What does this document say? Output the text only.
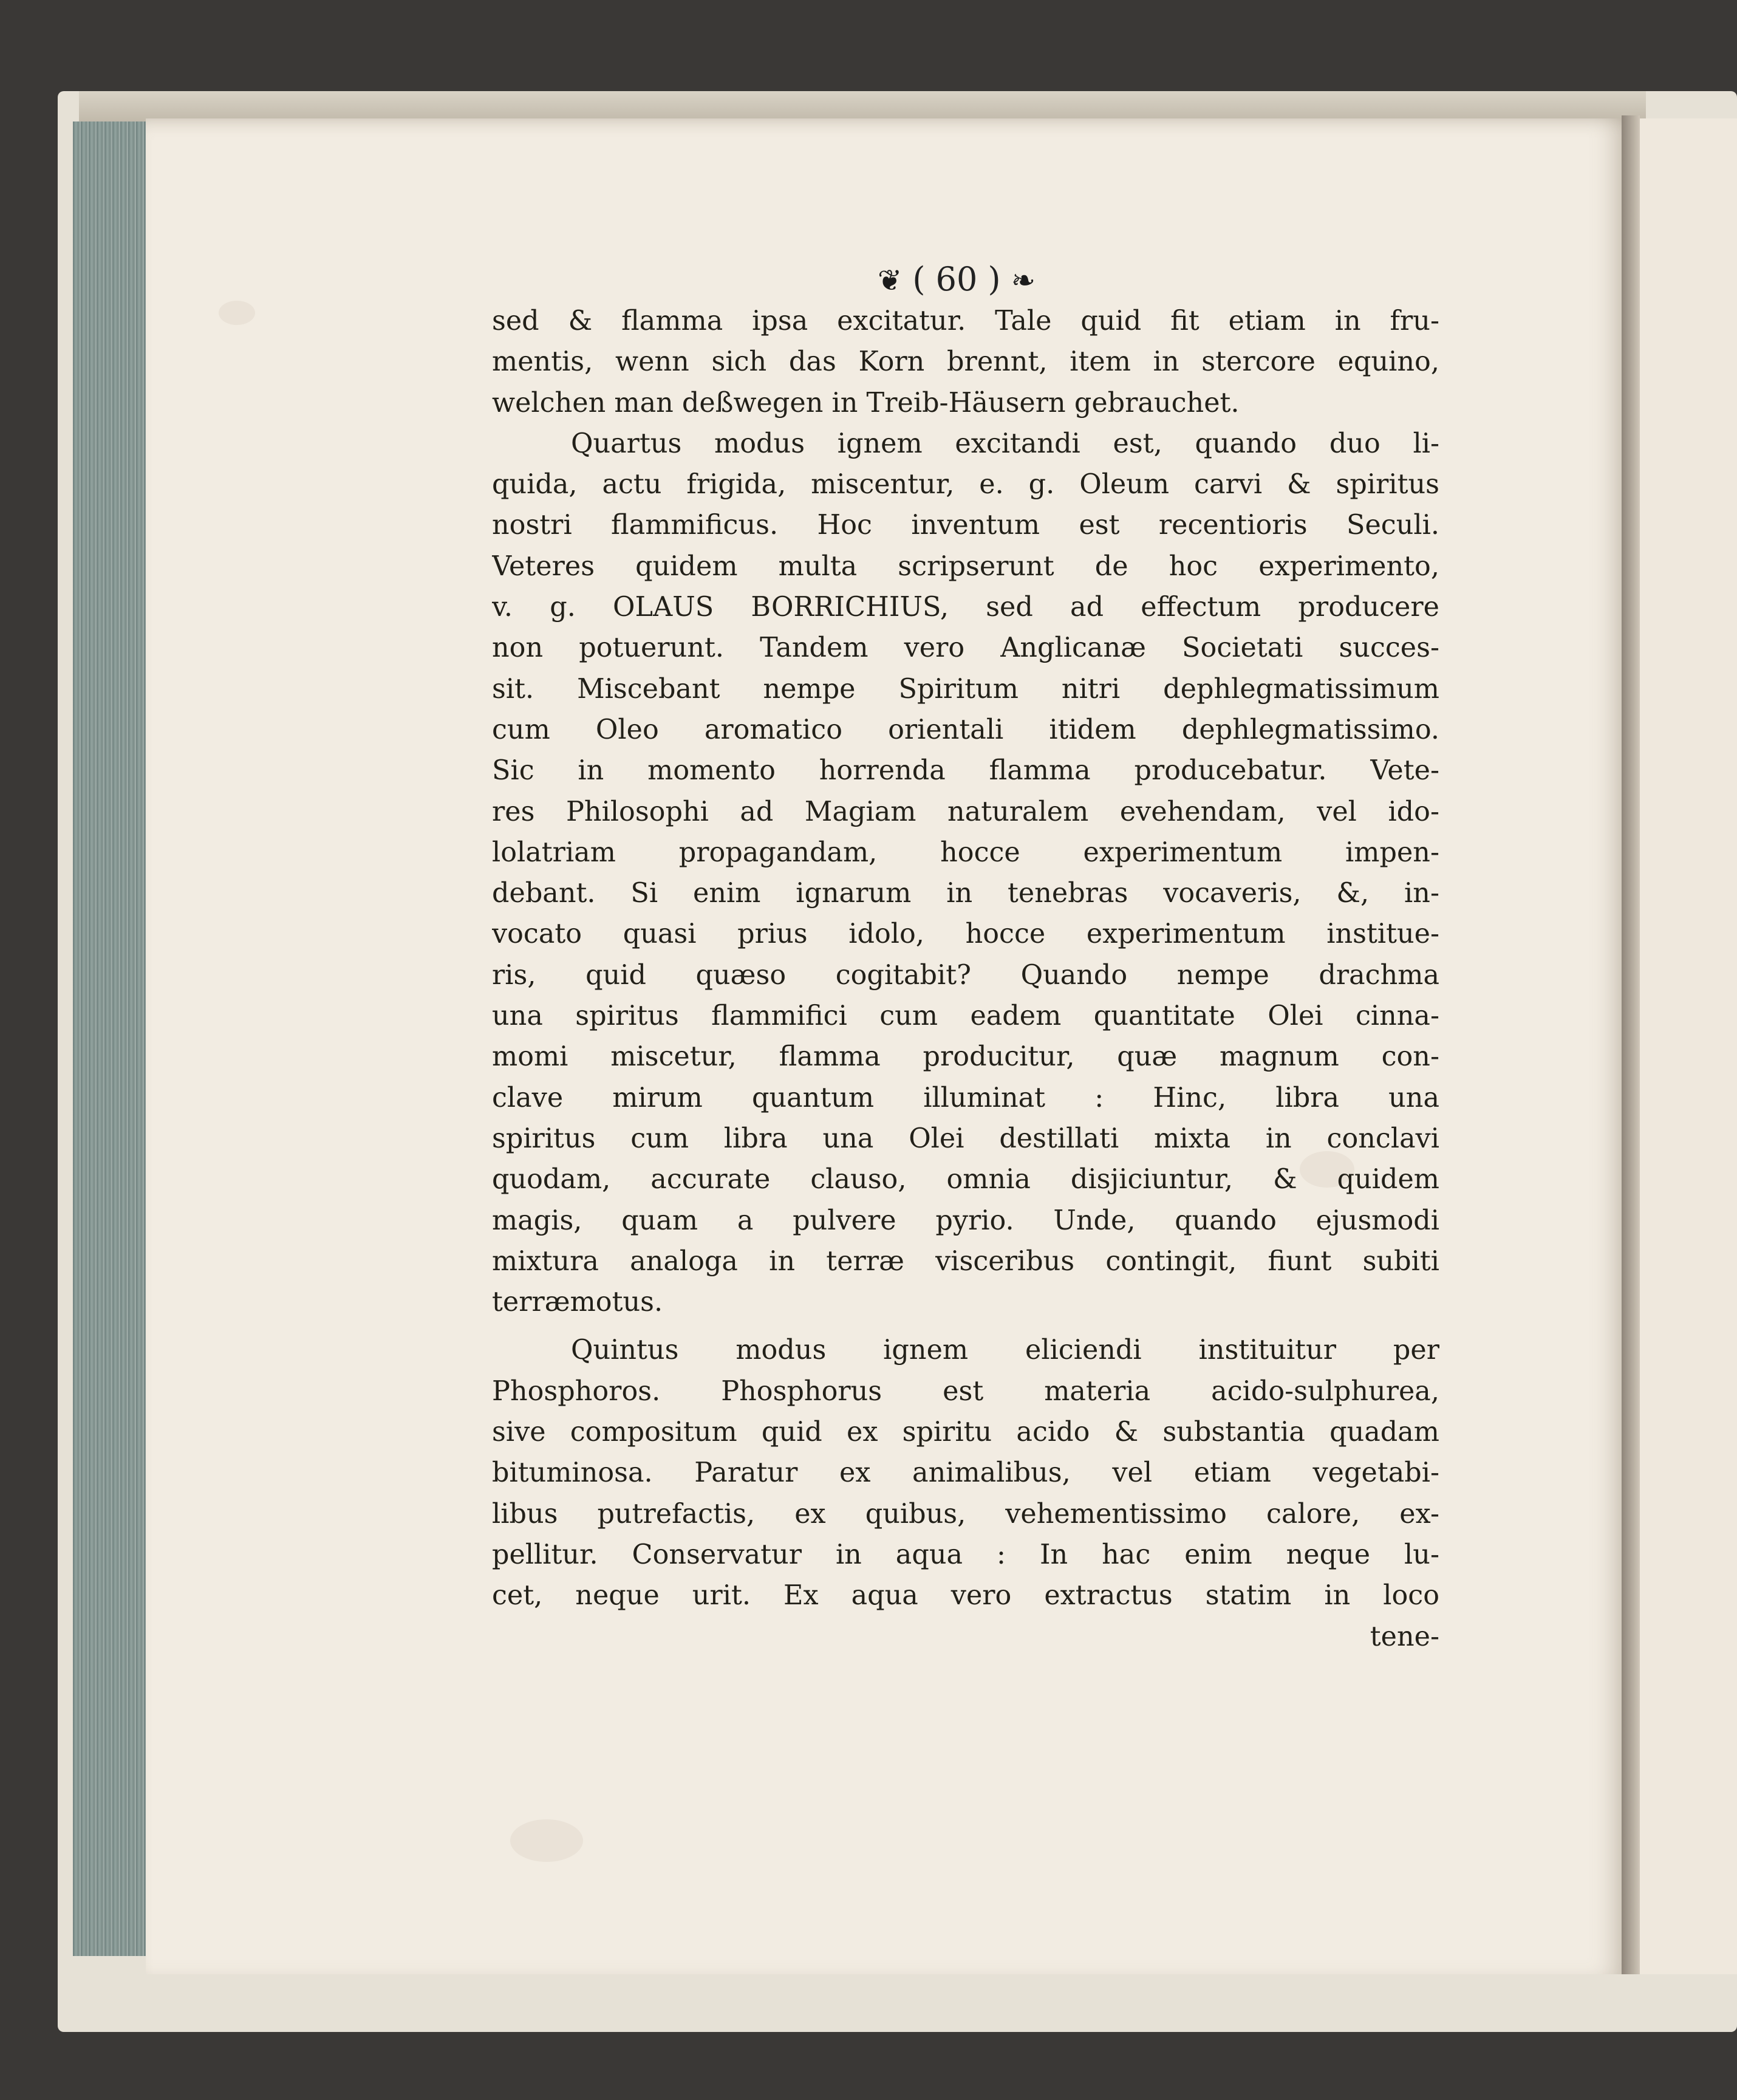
❦ ( 60 ) ❧
sed & flamma ipsa excitatur. Tale quid fit etiam in fru-
mentis, wenn sich das Korn brennt, item in stercore equino,
welchen man deßwegen in Treib-Häusern gebrauchet.
Quartus modus ignem excitandi est, quando duo li-
quida, actu frigida, miscentur, e. g. Oleum carvi & spiritus
nostri flammificus. Hoc inventum est recentioris Seculi.
Veteres quidem multa scripserunt de hoc experimento,
v. g. OLAUS BORRICHIUS, sed ad effectum producere
non potuerunt. Tandem vero Anglicanæ Societati succes-
sit. Miscebant nempe Spiritum nitri dephlegmatissimum
cum Oleo aromatico orientali itidem dephlegmatissimo.
Sic in momento horrenda flamma producebatur. Vete-
res Philosophi ad Magiam naturalem evehendam, vel ido-
lolatriam propagandam, hocce experimentum impen-
debant. Si enim ignarum in tenebras vocaveris, &, in-
vocato quasi prius idolo, hocce experimentum institue-
ris, quid quæso cogitabit? Quando nempe drachma
una spiritus flammifici cum eadem quantitate Olei cinna-
momi miscetur, flamma producitur, quæ magnum con-
clave mirum quantum illuminat : Hinc, libra una
spiritus cum libra una Olei destillati mixta in conclavi
quodam, accurate clauso, omnia disjiciuntur, & quidem
magis, quam a pulvere pyrio. Unde, quando ejusmodi
mixtura analoga in terræ visceribus contingit, fiunt subiti
terræmotus.
Quintus modus ignem eliciendi instituitur per
Phosphoros. Phosphorus est materia acido-sulphurea,
sive compositum quid ex spiritu acido & substantia quadam
bituminosa. Paratur ex animalibus, vel etiam vegetabi-
libus putrefactis, ex quibus, vehementissimo calore, ex-
pellitur. Conservatur in aqua : In hac enim neque lu-
cet, neque urit. Ex aqua vero extractus statim in loco
tene-
